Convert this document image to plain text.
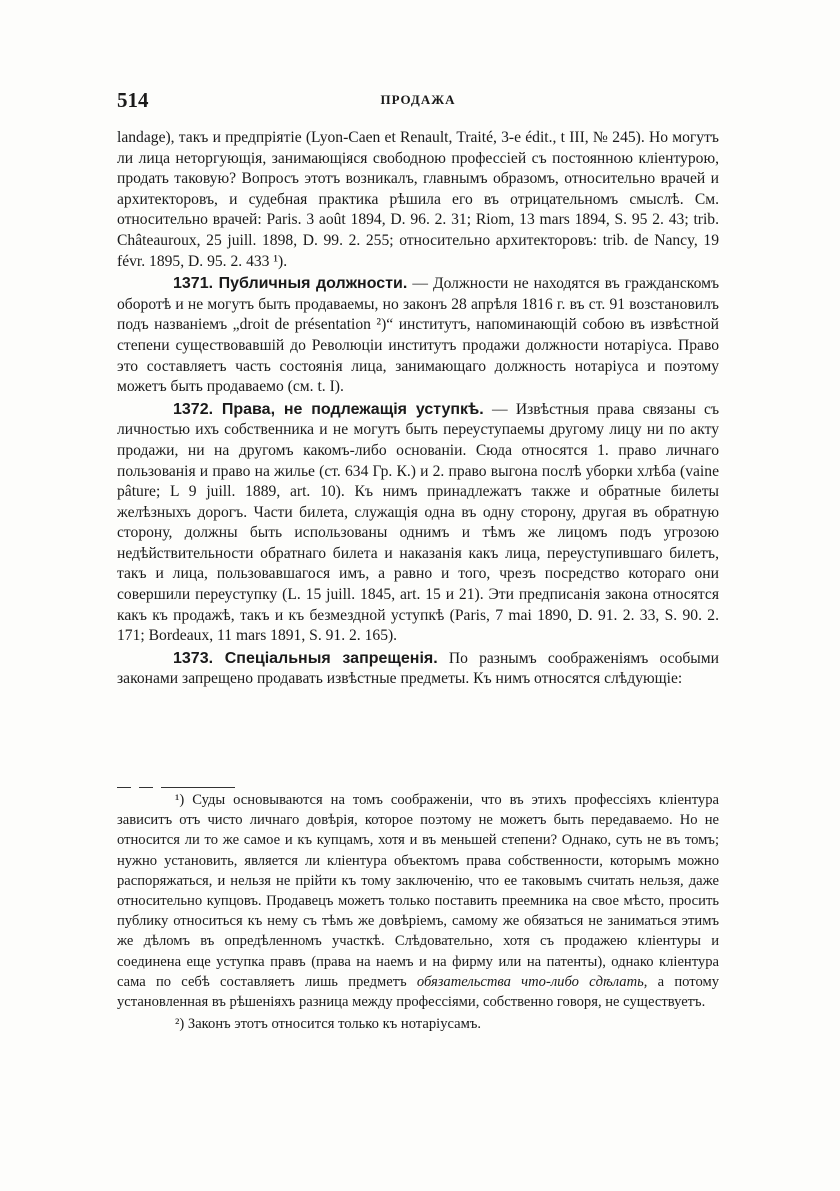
514	ПРОДАЖА

landage), такъ и предпріятіе (Lyon-Caen et Renault, Traité, 3-е édit., t III, № 245). Но могутъ ли лица неторгующія, занимающіяся свободною профессіей съ постоянною кліентурою, продать таковую? Вопросъ этотъ возникалъ, главнымъ образомъ, относительно врачей и архитекторовъ, и судебная практика рѣшила его въ отрицательномъ смыслѣ. См. относительно врачей: Paris. 3 août 1894, D. 96. 2. 31; Riom, 13 mars 1894, S. 95 2. 43; trib. Châteauroux, 25 juill. 1898, D. 99. 2. 255; относительно архитекторовъ: trib. de Nancy, 19 févr. 1895, D. 95. 2. 433 ¹).

1371. Публичныя должности. — Должности не находятся въ гражданскомъ оборотѣ и не могутъ быть продаваемы, но законъ 28 апрѣля 1816 г. въ ст. 91 возстановилъ подъ названіемъ „droit de présentation ²)“ институтъ, напоминающій собою въ извѣстной степени существовавшій до Революціи институтъ продажи должности нотаріуса. Право это составляетъ часть состоянія лица, занимающаго должность нотаріуса и поэтому можетъ быть продаваемо (см. t. I).

1372. Права, не подлежащія уступкѣ. — Извѣстныя права связаны съ личностью ихъ собственника и не могутъ быть переуступаемы другому лицу ни по акту продажи, ни на другомъ какомъ-либо основаніи. Сюда относятся 1. право личнаго пользованія и право на жилье (ст. 634 Гр. К.) и 2. право выгона послѣ уборки хлѣба (vaine pâture; L 9 juill. 1889, art. 10). Къ нимъ принадлежатъ также и обратные билеты желѣзныхъ дорогъ. Части билета, служащія одна въ одну сторону, другая въ обратную сторону, должны быть использованы однимъ и тѣмъ же лицомъ подъ угрозою недѣйствительности обратнаго билета и наказанія какъ лица, переуступившаго билетъ, такъ и лица, пользовавшагося имъ, а равно и того, чрезъ посредство котораго они совершили переуступку (L. 15 juill. 1845, art. 15 и 21). Эти предписанія закона относятся какъ къ продажѣ, такъ и къ безмездной уступкѣ (Paris, 7 mai 1890, D. 91. 2. 33, S. 90. 2. 171; Bordeaux, 11 mars 1891, S. 91. 2. 165).

1373. Спеціальныя запрещенія. По разнымъ соображеніямъ особыми законами запрещено продавать извѣстные предметы. Къ нимъ относятся слѣдующіе:

¹) Суды основываются на томъ соображеніи, что въ этихъ профессіяхъ кліентура зависитъ отъ чисто личнаго довѣрія, которое поэтому не можетъ быть передаваемо. Но не относится ли то же самое и къ купцамъ, хотя и въ меньшей степени? Однако, суть не въ томъ; нужно установить, является ли кліентура объектомъ права собственности, которымъ можно распоряжаться, и нельзя не прійти къ тому заключенію, что ее таковымъ считать нельзя, даже относительно купцовъ. Продавецъ можетъ только поставить преемника на свое мѣсто, просить публику относиться къ нему съ тѣмъ же довѣріемъ, самому же обязаться не заниматься этимъ же дѣломъ въ опредѣленномъ участкѣ. Слѣдовательно, хотя съ продажею кліентуры и соединена еще уступка правъ (права на наемъ и на фирму или на патенты), однако кліентура сама по себѣ составляетъ лишь предметъ обязательства что-либо сдѣлать, а потому установленная въ рѣшеніяхъ разница между профессіями, собственно говоря, не существуетъ.

²) Законъ этотъ относится только къ нотаріусамъ.
